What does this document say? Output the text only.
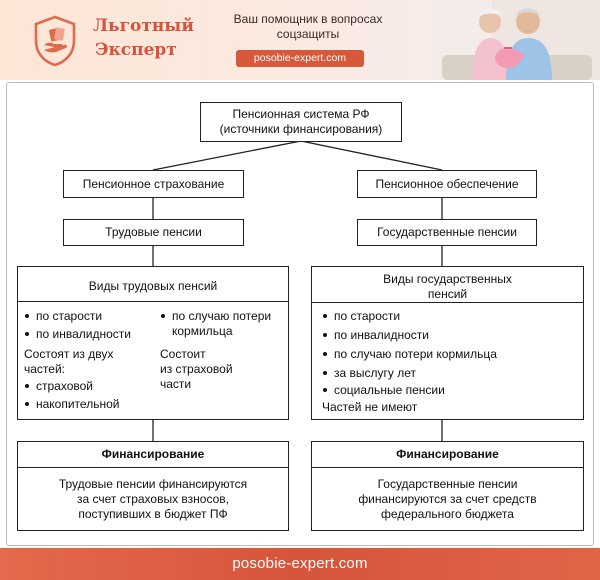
Льготный
Эксперт
Ваш помощник в вопросах соцзащиты
posobie-expert.com
Пенсионная система РФ
(источники финансирования)
Пенсионное страхование
Трудовые пенсии
Пенсионное обеспечение
Государственные пенсии
Виды трудовых пенсий
по старости
по инвалидности
по случаю потери
кормильца
Состоят из двух
частей:
страховой
накопительной
Состоит
из страховой
части
Виды государственных
пенсий
по старости
по инвалидности
по случаю потери кормильца
за выслугу лет
социальные пенсии
Частей не имеют
Финансирование
Трудовые пенсии финансируются
за счет страховых взносов,
поступивших в бюджет ПФ
Финансирование
Государственные пенсии
финансируются за счет средств
федерального бюджета
posobie-expert.com
